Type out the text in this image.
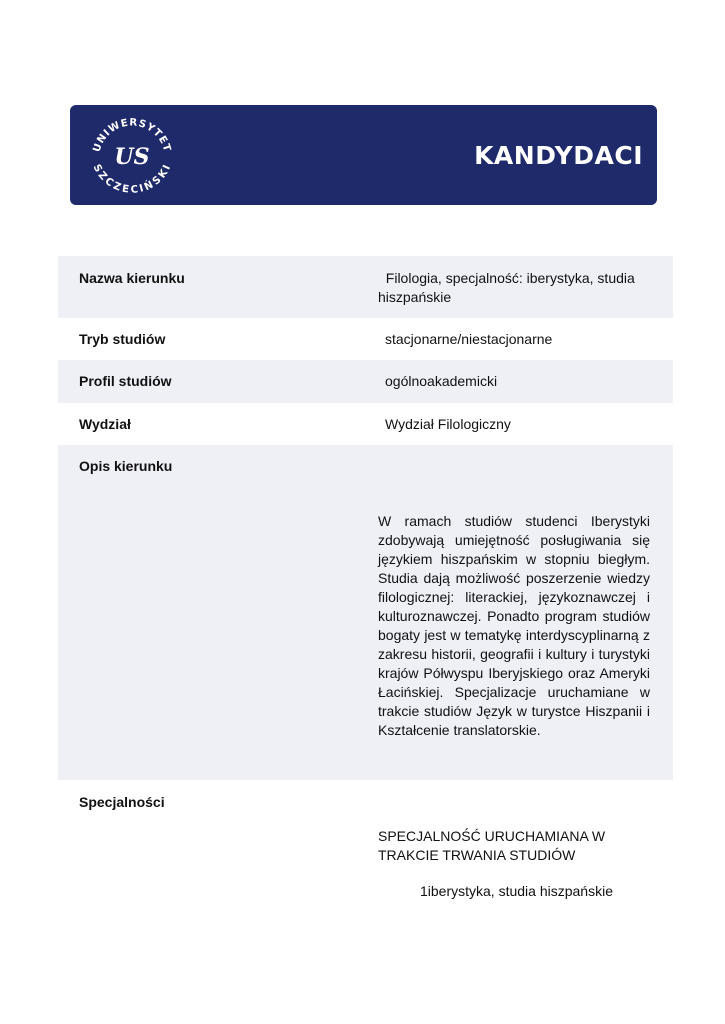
UNIWERSYTET
SZCZECIŃSKI
US	KANDYDACI
Nazwa kierunku	Filologia, specjalność: iberystyka, studia hiszpańskie
Tryb studiów	stacjonarne/niestacjonarne
Profil studiów	ogólnoakademicki
Wydział	Wydział Filologiczny
Opis kierunku
W ramach studiów studenci Iberystyki zdobywają umiejętność posługiwania się językiem hiszpańskim w stopniu biegłym. Studia dają możliwość poszerzenie wiedzy filologicznej: literackiej, językoznawczej i kulturoznawczej. Ponadto program studiów bogaty jest w tematykę interdyscyplinarną z zakresu historii, geografii i kultury i turystyki krajów Półwyspu Iberyjskiego oraz Ameryki Łacińskiej. Specjalizacje uruchamiane w trakcie studiów Język w turystce Hiszpanii i Kształcenie translatorskie.
Specjalności
SPECJALNOŚĆ URUCHAMIANA W TRAKCIE TRWANIA STUDIÓW
1iberystyka, studia hiszpańskie
